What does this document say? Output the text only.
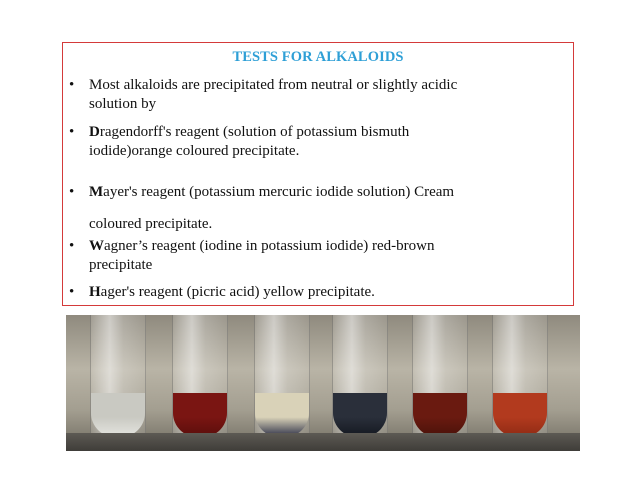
TESTS FOR ALKALOIDS
• Most alkaloids are precipitated from neutral or slightly acidic
solution by
• Dragendorff's reagent (solution of potassium bismuth
iodide)orange coloured precipitate.
• Mayer's reagent (potassium mercuric iodide solution) Cream
coloured precipitate.
• Wagner’s reagent (iodine in potassium iodide) red-brown
precipitate
• Hager's reagent (picric acid) yellow precipitate.
